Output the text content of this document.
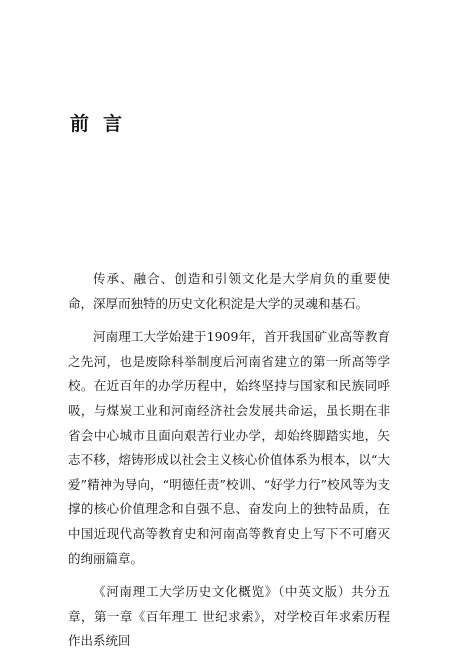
前言

传承、融合、创造和引领文化是大学肩负的重要使命，深厚而独特的历史文化积淀是大学的灵魂和基石。

河南理工大学始建于1909年，首开我国矿业高等教育之先河，也是废除科举制度后河南省建立的第一所高等学校。在近百年的办学历程中，始终坚持与国家和民族同呼吸，与煤炭工业和河南经济社会发展共命运，虽长期在非省会中心城市且面向艰苦行业办学，却始终脚踏实地，矢志不移，熔铸形成以社会主义核心价值体系为根本，以“大爱”精神为导向，“明德任责”校训、“好学力行”校风等为支撑的核心价值理念和自强不息、奋发向上的独特品质，在中国近现代高等教育史和河南高等教育史上写下不可磨灭的绚丽篇章。

《河南理工大学历史文化概览》（中英文版）共分五章，第一章《百年理工 世纪求索》，对学校百年求索历程作出系统回
